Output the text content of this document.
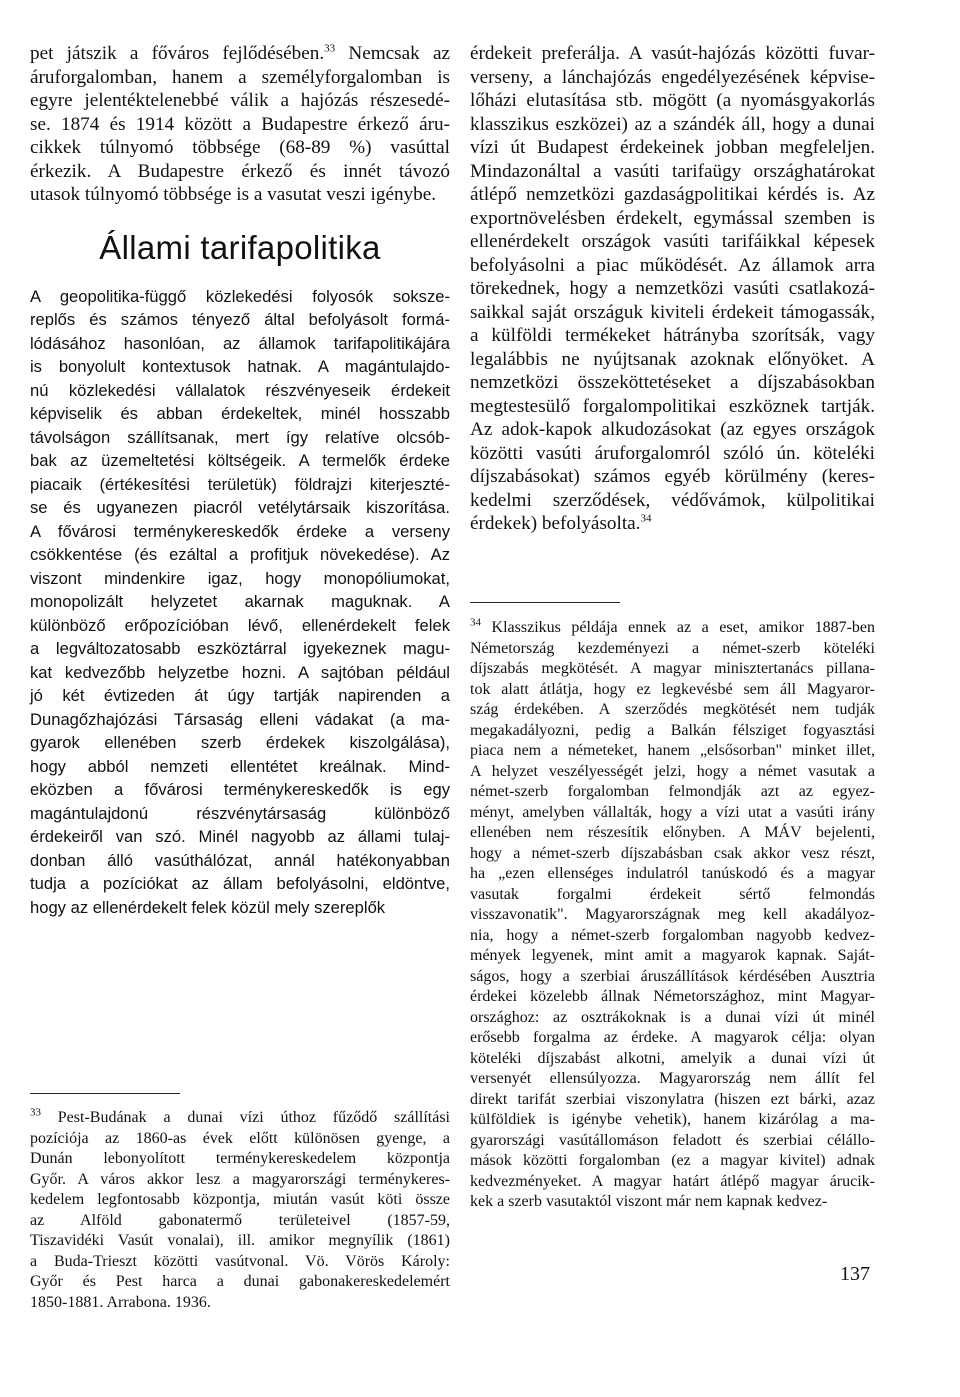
pet játszik a főváros fejlődésében.$^{33}$ Nemcsak az
áruforgalomban, hanem a személyforgalomban is
egyre jelentéktelenebbé válik a hajózás részesedé-
se. 1874 és 1914 között a Budapestre érkező áru-
cikkek túlnyomó többsége (68-89 %) vasúttal
érkezik. A Budapestre érkező és innét távozó
utasok túlnyomó többsége is a vasutat veszi igénybe.
Állami tarifapolitika
A geopolitika-függő közlekedési folyosók sokszе-
replős és számos tényező által befolyásolt formá-
lódásához hasonlóan, az államok tarifapolitikájára
is bonyolult kontextusok hatnak. A magántulajdo-
nú közlekedési vállalatok részvényeseik érdekeit
képviselik és abban érdekeltek, minél hosszabb
távolságon szállítsanak, mert így relatíve olcsób-
bak az üzemeltetési költségeik. A termelők érdeke
piacaik (értékesítési területük) földrajzi kiterjeszté-
se és ugyanezen piacról vetélytársaik kiszorítása.
A fővárosi terménykereskedők érdeke a verseny
csökkentése (és ezáltal a profitjuk növekedése). Az
viszont mindenkire igaz, hogy monopóliumokat,
monopolizált helyzetet akarnak maguknak. A
különböző erőpozícióban lévő, ellenérdekelt felek
a legváltozatosabb eszköztárral igyekeznek magu-
kat kedvezőbb helyzetbe hozni. A sajtóban például
jó két évtizeden át úgy tartják napirenden a
Dunagőzhajózási Társaság elleni vádakat (a ma-
gyarok ellenében szerb érdekek kiszolgálása),
hogy abból nemzeti ellentétet kreálnak. Mind-
eközben a fővárosi terménykereskedők is egy
magántulajdonú részvénytársaság különböző
érdekeiről van szó. Minél nagyobb az állami tulaj-
donban álló vasúthálózat, annál hatékonyabban
tudja a pozíciókat az állam befolyásolni, eldöntve,
hogy az ellenérdekelt felek közül mely szereplők
$^{33}$ Pest-Budának a dunai vízi úthoz fűződő szállítási
pozíciója az 1860-as évek előtt különösen gyenge, a
Dunán lebonyolított terménykereskedelem központja
Győr. A város akkor lesz a magyarországi terménykeres-
kedelem legfontosabb központja, miután vasút köti össze
az Alföld gabonatermő területeivel (1857-59,
Tiszavidéki Vasút vonalai), ill. amikor megnyílik (1861)
a Buda-Trieszt közötti vasútvonal. Vö. Vörös Károly:
Győr és Pest harca a dunai gabonakereskedelemért
1850-1881. Arrabona. 1936.
érdekeit preferálja. A vasút-hajózás közötti fuvar-
verseny, a lánchajózás engedélyezésének képvise-
lőházi elutasítása stb. mögött (a nyomásgyakorlás
klasszikus eszközei) az a szándék áll, hogy a dunai
vízi út Budapest érdekeinek jobban megfeleljen.
Mindazonáltal a vasúti tarifaügy országhatárokat
átlépő nemzetközi gazdaságpolitikai kérdés is. Az
exportnövelésben érdekelt, egymással szemben is
ellenérdekelt országok vasúti tarifáikkal képesek
befolyásolni a piac működését. Az államok arra
törekednek, hogy a nemzetközi vasúti csatlakozá-
saikkal saját országuk kiviteli érdekeit támogassák,
a külföldi termékeket hátrányba szorítsák, vagy
legalábbis ne nyújtsanak azoknak előnyöket. A
nemzetközi összeköttetéseket a díjszabásokban
megtestesülő forgalompolitikai eszköznek tartják.
Az adok-kapok alkudozásokat (az egyes országok
közötti vasúti áruforgalomról szóló ún. kötelékі
díjszabásokat) számos egyéb körülmény (keres-
kedelmi szerződések, védővámok, külpolitikai
érdekek) befolyásolta.$^{34}$
$^{34}$ Klasszikus példája ennek az a eset, amikor 1887-ben
Németország kezdeményezi a német-szerb kötelékі
díjszabás megkötését. A magyar minisztertanács pillana-
tok alatt átlátja, hogy ez legkevésbé sem áll Magyaror-
szág érdekében. A szerződés megkötését nem tudják
megakadályozni, pedig a Balkán félsziget fogyasztási
piaca nem a németeket, hanem „elsősorban" minket illet,
A helyzet veszélyességét jelzi, hogy a német vasutak a
német-szerb forgalomban felmondják azt az egyez-
ményt, amelyben vállalták, hogy a vízi utat a vasúti irány
ellenében nem részesítik előnyben. A MÁV bejelenti,
hogy a német-szerb díjszabásban csak akkor vesz részt,
ha „ezen ellenséges indulatról tanúskodó és a magyar
vasutak forgalmi érdekeit sértő felmondás
visszavonatik". Magyarországnak meg kell akadályoz-
nia, hogy a német-szerb forgalomban nagyobb kedvez-
mények legyenek, mint amit a magyarok kapnak. Saját-
ságos, hogy a szerbiai áruszállítások kérdésében Ausztria
érdekei közelebb állnak Németországhoz, mint Magyar-
országhoz: az osztrákoknak is a dunai vízi út minél
erősebb forgalma az érdeke. A magyarok célja: olyan
kötelékі díjszabást alkotni, amelyik a dunai vízi út
versenyét ellensúlyozza. Magyarország nem állít fel
direkt tarifát szerbiai viszonylatra (hiszen ezt bárki, azaz
külföldiek is igénybe vehetik), hanem kizárólag a ma-
gyarországi vasútállomáson feladott és szerbiai célállo-
mások közötti forgalomban (ez a magyar kivitel) adnak
kedvezményeket. A magyar határt átlépő magyar árucik-
kek a szerb vasutaktól viszont már nem kapnak kedvez-
137
